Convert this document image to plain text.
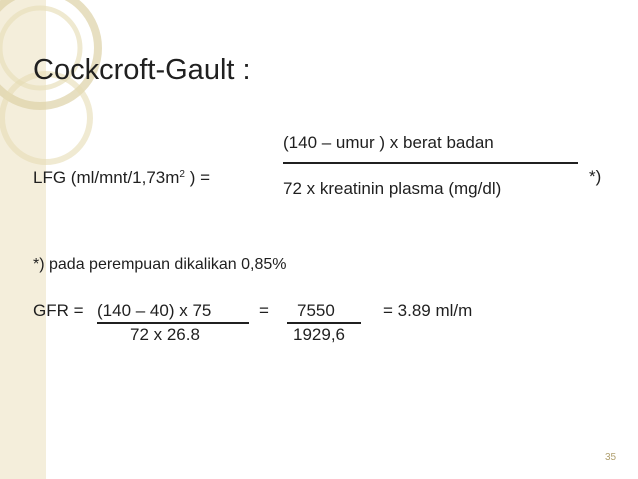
Cockcroft-Gault :
LFG ($ml/mnt/1,73m^2$ ) =
(140 – umur ) x berat badan
72 x kreatinin plasma (mg/dl)
*)
*) pada perempuan dikalikan 0,85%
GFR = (140 – 40) x 75
72 x 26.8
= 7550
1929,6
= 3.89 ml/m
35
